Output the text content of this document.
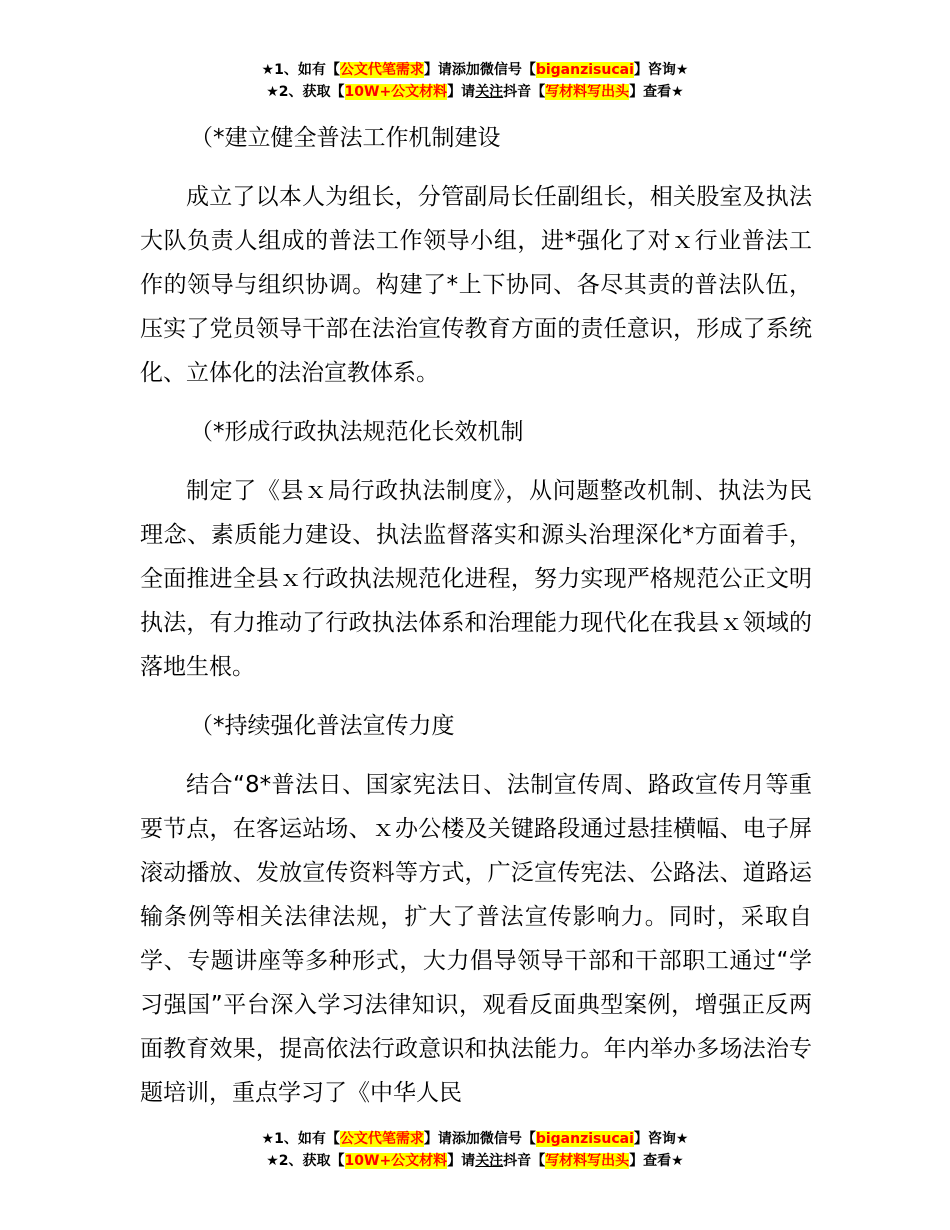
★1、如有【公文代笔需求】请添加微信号【biganzisucai】咨询★
★2、获取【10W+公文材料】请关注抖音【写材料写出头】查看★
（*建立健全普法工作机制建设
成立了以本人为组长，分管副局长任副组长，相关股室及执法大队负责人组成的普法工作领导小组，进*强化了对ｘ行业普法工作的领导与组织协调。构建了*上下协同、各尽其责的普法队伍，压实了党员领导干部在法治宣传教育方面的责任意识，形成了系统化、立体化的法治宣教体系。
（*形成行政执法规范化长效机制
制定了《县ｘ局行政执法制度》，从问题整改机制、执法为民理念、素质能力建设、执法监督落实和源头治理深化*方面着手，全面推进全县ｘ行政执法规范化进程，努力实现严格规范公正文明执法，有力推动了行政执法体系和治理能力现代化在我县ｘ领域的落地生根。
（*持续强化普法宣传力度
结合“8*普法日、国家宪法日、法制宣传周、路政宣传月等重要节点，在客运站场、ｘ办公楼及关键路段通过悬挂横幅、电子屏滚动播放、发放宣传资料等方式，广泛宣传宪法、公路法、道路运输条例等相关法律法规，扩大了普法宣传影响力。同时，采取自学、专题讲座等多种形式，大力倡导领导干部和干部职工通过“学习强国”平台深入学习法律知识，观看反面典型案例，增强正反两面教育效果，提高依法行政意识和执法能力。年内举办多场法治专题培训，重点学习了《中华人民
★1、如有【公文代笔需求】请添加微信号【biganzisucai】咨询★
★2、获取【10W+公文材料】请关注抖音【写材料写出头】查看★
